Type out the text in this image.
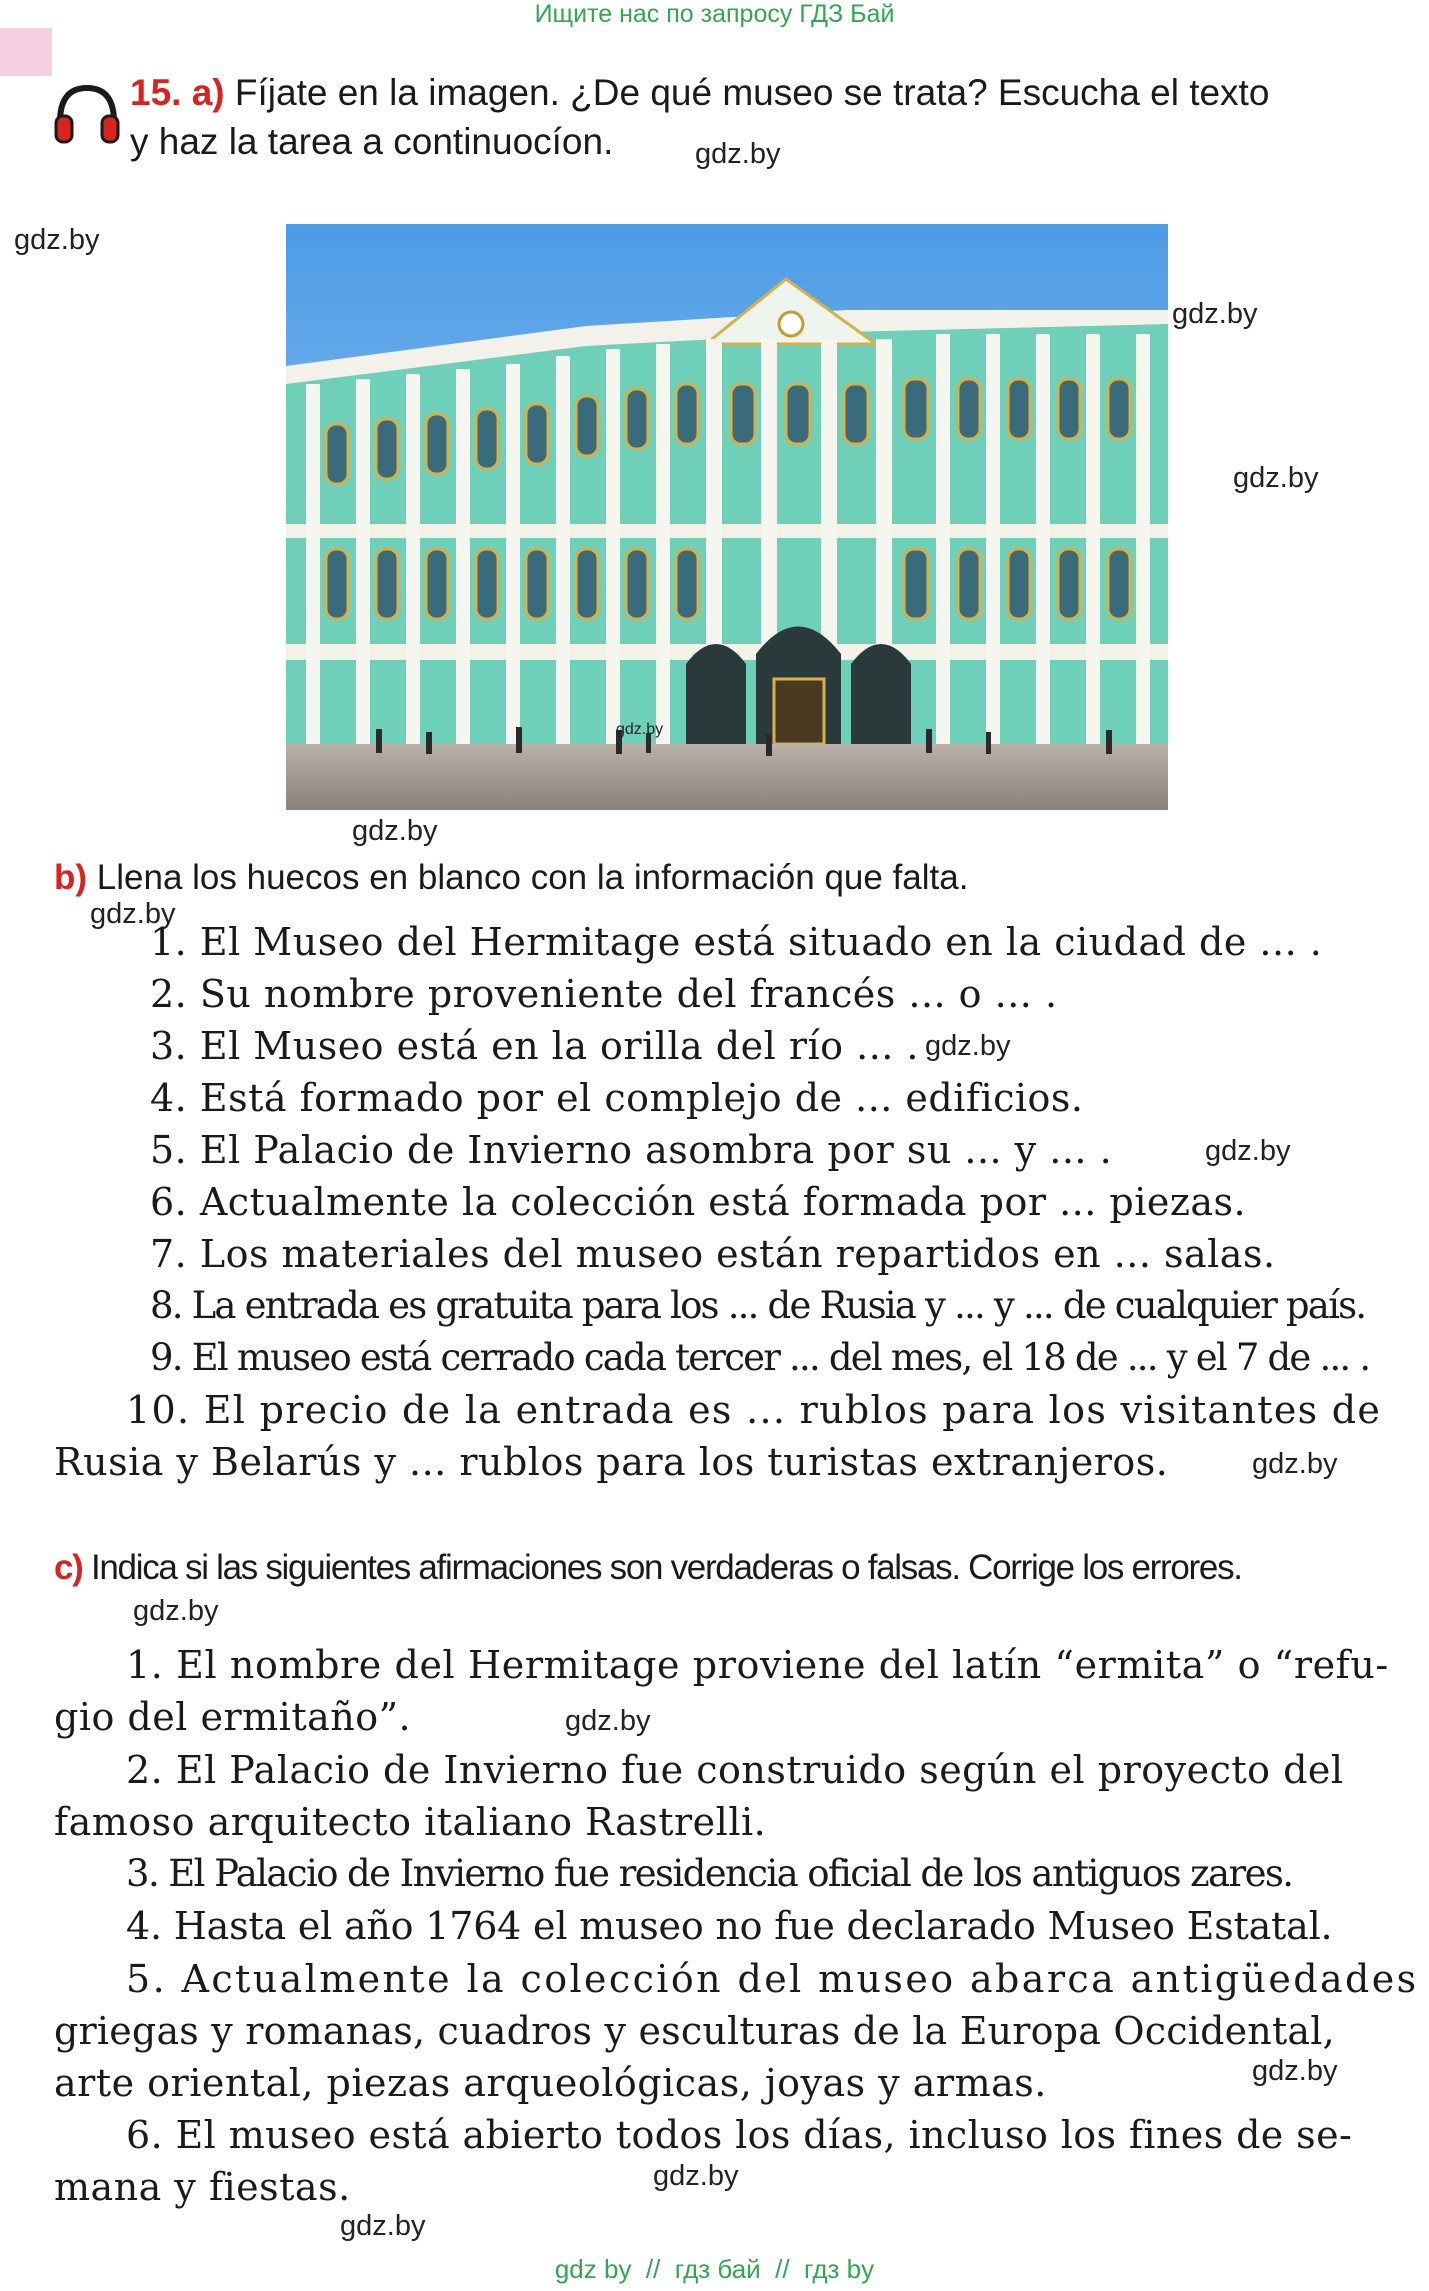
Ищите нас по запросу ГДЗ Бай
15. a) Fíjate en la imagen. ¿De qué museo se trata? Escucha el texto
y haz la tarea a continuocíon.	gdz.by
gdz.by
gdz.by
gdz.by
gdz.by
gdz.by
b) Llena los huecos en blanco con la información que falta.
gdz.by
1. El Museo del Hermitage está situado en la ciudad de ... .
2. Su nombre proveniente del francés ... o ... .
3. El Museo está en la orilla del río ... . gdz.by
4. Está formado por el complejo de ... edificios.
5. El Palacio de Invierno asombra por su ... y ... .	gdz.by
6. Actualmente la colección está formada por ... piezas.
7. Los materiales del museo están repartidos en ... salas.
8. La entrada es gratuita para los ... de Rusia y ... y ... de cualquier país.
9. El museo está cerrado cada tercer ... del mes, el 18 de ... y el 7 de ... .
10. El precio de la entrada es ... rublos para los visitantes de
Rusia y Belarús y ... rublos para los turistas extranjeros.	gdz.by
c) Indica si las siguientes afirmaciones son verdaderas o falsas. Corrige los errores.
gdz.by
1. El nombre del Hermitage proviene del latín “ermita” o “refu-
gio del ermitaño”.	gdz.by
2. El Palacio de Invierno fue construido según el proyecto del
famoso arquitecto italiano Rastrelli.
3. El Palacio de Invierno fue residencia oficial de los antiguos zares.
4. Hasta el año 1764 el museo no fue declarado Museo Estatal.
5. Actualmente la colección del museo abarca antigüedades
griegas y romanas, cuadros y esculturas de la Europa Occidental,
arte oriental, piezas arqueológicas, joyas y armas.	gdz.by
6. El museo está abierto todos los días, incluso los fines de se-
mana y fiestas.	gdz.by
gdz.by
gdz by  //  гдз бай  //  гдз by
